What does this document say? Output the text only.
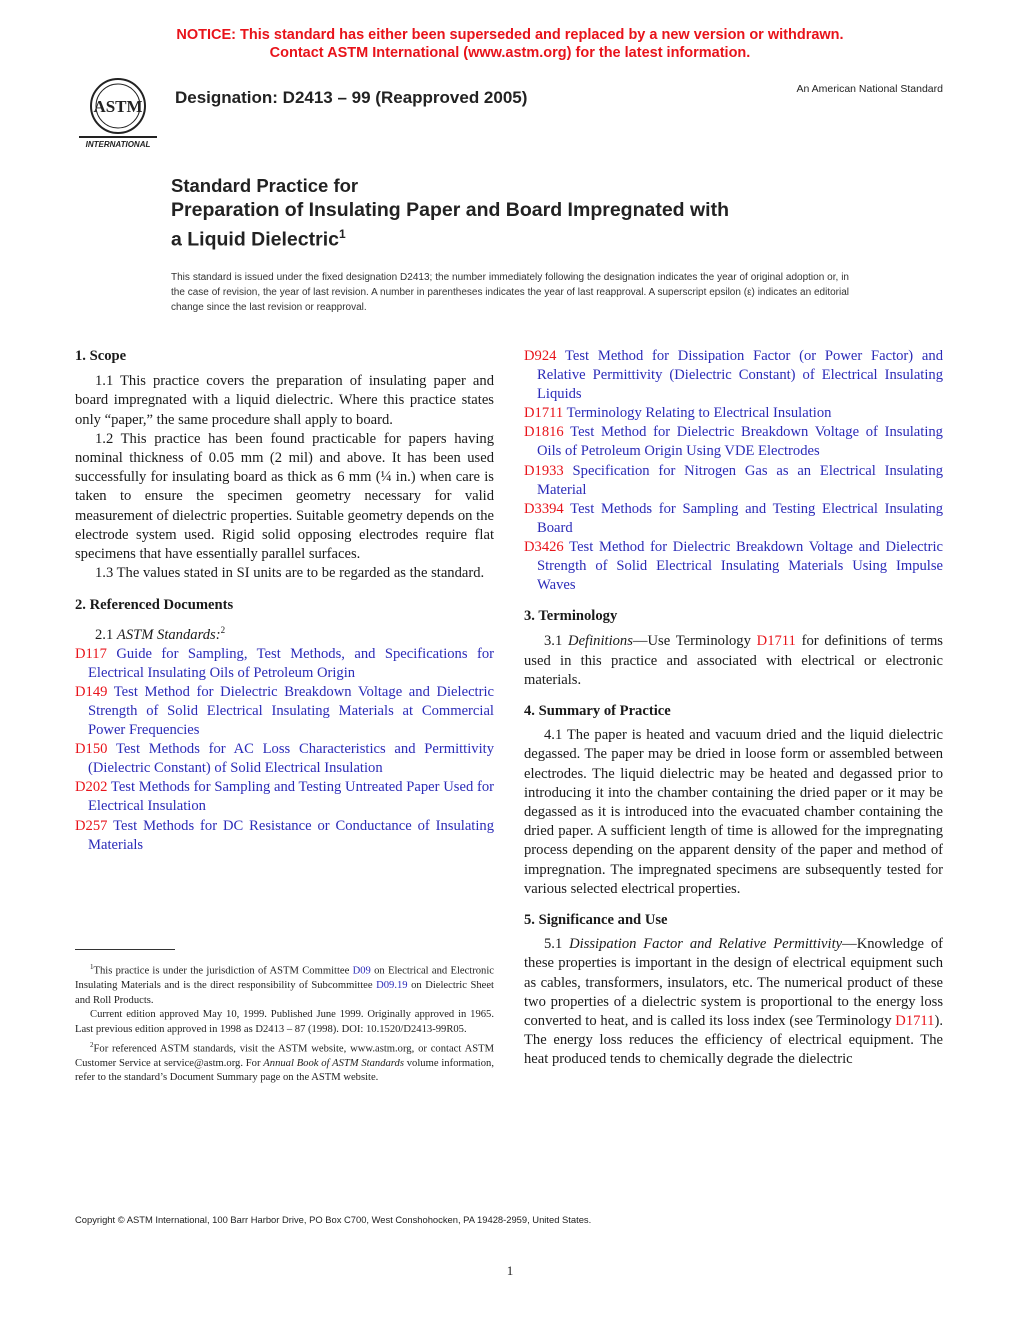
NOTICE: This standard has either been superseded and replaced by a new version or withdrawn.
Contact ASTM International (www.astm.org) for the latest information.
ASTM
INTERNATIONAL
Designation: D2413 – 99 (Reapproved 2005)	An American National Standard
Standard Practice for
Preparation of Insulating Paper and Board Impregnated with
a Liquid Dielectric$^1$
This standard is issued under the fixed designation D2413; the number immediately following the designation indicates the year of original adoption or, in the case of revision, the year of last revision. A number in parentheses indicates the year of last reapproval. A superscript epsilon (ε) indicates an editorial change since the last revision or reapproval.
1. Scope

1.1 This practice covers the preparation of insulating paper and board impregnated with a liquid dielectric. Where this practice states only “paper,” the same procedure shall apply to board.

1.2 This practice has been found practicable for papers having nominal thickness of 0.05 mm (2 mil) and above. It has been used successfully for insulating board as thick as 6 mm (¼ in.) when care is taken to ensure the specimen geometry necessary for valid measurement of dielectric properties. Suitable geometry depends on the electrode system used. Rigid solid opposing electrodes require flat specimens that have essentially parallel surfaces.

1.3 The values stated in SI units are to be regarded as the standard.

2. Referenced Documents

2.1 ASTM Standards:$^2$

D117 Guide for Sampling, Test Methods, and Specifications for Electrical Insulating Oils of Petroleum Origin

D149 Test Method for Dielectric Breakdown Voltage and Dielectric Strength of Solid Electrical Insulating Materials at Commercial Power Frequencies

D150 Test Methods for AC Loss Characteristics and Permittivity (Dielectric Constant) of Solid Electrical Insulation

D202 Test Methods for Sampling and Testing Untreated Paper Used for Electrical Insulation

D257 Test Methods for DC Resistance or Conductance of Insulating Materials

$^1$This practice is under the jurisdiction of ASTM Committee D09 on Electrical and Electronic Insulating Materials and is the direct responsibility of Subcommittee D09.19 on Dielectric Sheet and Roll Products.

Current edition approved May 10, 1999. Published June 1999. Originally approved in 1965. Last previous edition approved in 1998 as D2413 – 87 (1998). DOI: 10.1520/D2413-99R05.

$^2$For referenced ASTM standards, visit the ASTM website, www.astm.org, or contact ASTM Customer Service at service@astm.org. For Annual Book of ASTM Standards volume information, refer to the standard’s Document Summary page on the ASTM website.

D924 Test Method for Dissipation Factor (or Power Factor) and Relative Permittivity (Dielectric Constant) of Electrical Insulating Liquids

D1711 Terminology Relating to Electrical Insulation

D1816 Test Method for Dielectric Breakdown Voltage of Insulating Oils of Petroleum Origin Using VDE Electrodes

D1933 Specification for Nitrogen Gas as an Electrical Insulating Material

D3394 Test Methods for Sampling and Testing Electrical Insulating Board

D3426 Test Method for Dielectric Breakdown Voltage and Dielectric Strength of Solid Electrical Insulating Materials Using Impulse Waves

3. Terminology

3.1 Definitions—Use Terminology D1711 for definitions of terms used in this practice and associated with electrical or electronic materials.

4. Summary of Practice

4.1 The paper is heated and vacuum dried and the liquid dielectric degassed. The paper may be dried in loose form or assembled between electrodes. The liquid dielectric may be heated and degassed prior to introducing it into the chamber containing the dried paper or it may be degassed as it is introduced into the evacuated chamber containing the dried paper. A sufficient length of time is allowed for the impregnating process depending on the apparent density of the paper and method of impregnation. The impregnated specimens are subsequently tested for various selected electrical properties.

5. Significance and Use

5.1 Dissipation Factor and Relative Permittivity—Knowledge of these properties is important in the design of electrical equipment such as cables, transformers, insulators, etc. The numerical product of these two properties of a dielectric system is proportional to the energy loss converted to heat, and is called its loss index (see Terminology D1711). The energy loss reduces the efficiency of electrical equipment. The heat produced tends to chemically degrade the dielectric

Copyright © ASTM International, 100 Barr Harbor Drive, PO Box C700, West Conshohocken, PA 19428-2959, United States.
1
